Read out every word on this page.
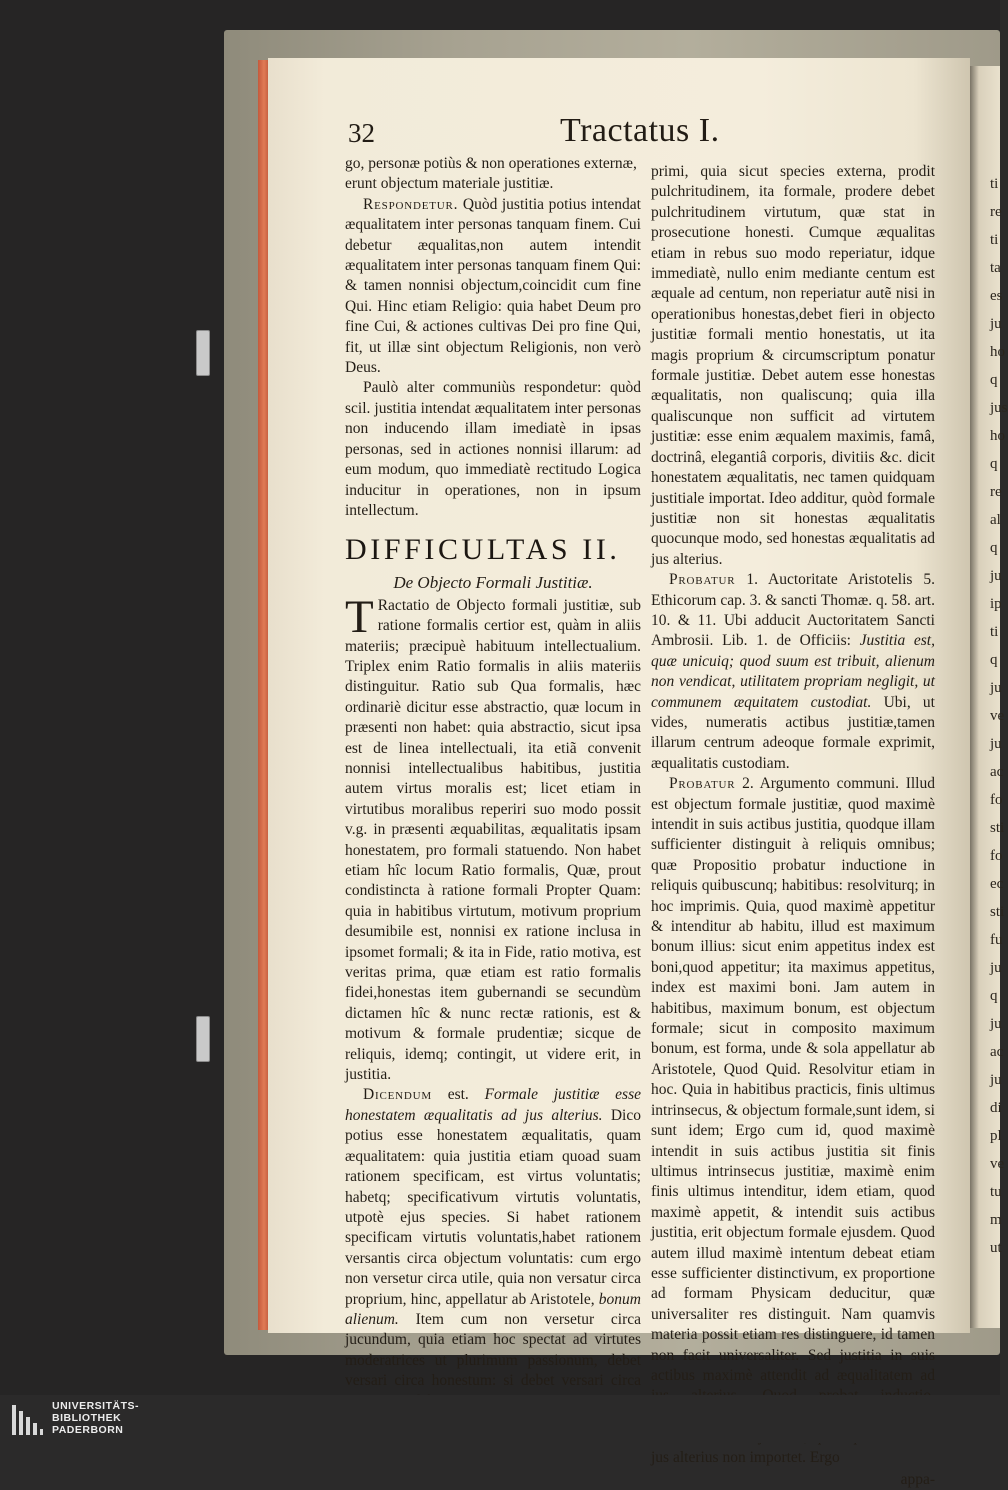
ti
re
ti
ta
es
ju
ho
q
jus
ho
q
re
al
q
ju
ip
ti
q
ju
ve
ju
ac
fo
sti
fo
ec
sti
fu
ju
q
ju
ac
ju
di
pl
ve
tu
m
ut
32	Tractatus I.

go, personæ potiùs & non operationes externæ,

erunt objectum materiale justitiæ.

Respondetur. Quòd justitia potius intendat æqualitatem inter personas tanquam finem. Cui debetur æqualitas,non autem intendit æqualitatem inter personas tanquam finem Qui: & tamen nonnisi objectum,coincidit cum fine Qui. Hinc etiam Religio: quia habet Deum pro fine Cui, & actiones cultivas Dei pro fine Qui, fit, ut illæ sint objectum Religionis, non verò Deus.

Paulò alter communiùs respondetur: quòd scil. justitia intendat æqualitatem inter personas non inducendo illam imediatè in ipsas personas, sed in actiones nonnisi illarum: ad eum modum, quo immediatè rectitudo Logica inducitur in operationes, non in ipsum intellectum.

DIFFICULTAS II.
De Objecto Formali Justitiæ.

T Ractatio de Objecto formali justitiæ, sub ratione formalis certior est, quàm in aliis materiis; præcipuè habituum intellectualium. Triplex enim Ratio formalis in aliis materiis distinguitur. Ratio sub Qua formalis, hæc ordinariè dicitur esse abstractio, quæ locum in præsenti non habet: quia abstractio, sicut ipsa est de linea intellectuali, ita etiã convenit nonnisi intellectualibus habitibus, justitia autem virtus moralis est; licet etiam in virtutibus moralibus reperiri suo modo possit v.g. in præsenti æquabilitas, æqualitatis ipsam honestatem, pro formali statuendo. Non habet etiam hîc locum Ratio formalis, Quæ, prout condistincta à ratione formali Propter Quam: quia in habitibus virtutum, motivum proprium desumibile est, nonnisi ex ratione inclusa in ipsomet formali; & ita in Fide, ratio motiva, est veritas prima, quæ etiam est ratio formalis fidei,honestas item gubernandi se secundùm dictamen hîc & nunc rectæ rationis, est & motivum & formale prudentiæ; sicque de reliquis, idemq; contingit, ut videre erit, in justitia.

Dicendum est. Formale justitiæ esse honestatem æqualitatis ad jus alterius. Dico potius esse honestatem æqualitatis, quam æqualitatem: quia justitia etiam quoad suam rationem specificam, est virtus voluntatis; habetq; specificativum virtutis voluntatis, utpotè ejus species. Si habet rationem specificam virtutis voluntatis,habet rationem versantis circa objectum voluntatis: cum ergo non versetur circa utile, quia non versatur circa proprium, hinc, appellatur ab Aristotele, bonum alienum. Item cum non versetur circa jucundum, quia etiam hoc spectat ad virtutes moderatrices ut plurimum passionum, debet versari circa honestum: si debet versari circa

primi, quia sicut species externa, prodit pulchritudinem, ita formale, prodere debet pulchritudinem virtutum, quæ stat in prosecutione honesti. Cumque æqualitas etiam in rebus suo modo reperiatur, idque immediatè, nullo enim mediante centum est æquale ad centum, non reperiatur autẽ nisi in operationibus honestas,debet fieri in objecto justitiæ formali mentio honestatis, ut ita magis proprium & circumscriptum ponatur formale justitiæ. Debet autem esse honestas æqualitatis, non qualiscunq; quia illa qualiscunque non sufficit ad virtutem justitiæ: esse enim æqualem maximis, famâ, doctrinâ, elegantiâ corporis, divitiis &c. dicit honestatem æqualitatis, nec tamen quidquam justitiale importat. Ideo additur, quòd formale justitiæ non sit honestas æqualitatis quocunque modo, sed honestas æqualitatis ad jus alterius.

Probatur 1. Auctoritate Aristotelis 5. Ethicorum cap. 3. & sancti Thomæ. q. 58. art. 10. & 11. Ubi adducit Auctoritatem Sancti Ambrosii. Lib. 1. de Officiis: Justitia est, quæ unicuiq; quod suum est tribuit, alienum non vendicat, utilitatem propriam negligit, ut communem æquitatem custodiat. Ubi, ut vides, numeratis actibus justitiæ,tamen illarum centrum adeoque formale exprimit, æqualitatis custodiam.

Probatur 2. Argumento communi. Illud est objectum formale justitiæ, quod maximè intendit in suis actibus justitia, quodque illam sufficienter distinguit à reliquis omnibus; quæ Propositio probatur inductione in reliquis quibuscunq; habitibus: resolviturq; in hoc imprimis. Quia, quod maximè appetitur & intenditur ab habitu, illud est maximum bonum illius: sicut enim appetitus index est boni,quod appetitur; ita maximus appetitus, index est maximi boni. Jam autem in habitibus, maximum bonum, est objectum formale; sicut in composito maximum bonum, est forma, unde & sola appellatur ab Aristotele, Quod Quid. Resolvitur etiam in hoc. Quia in habitibus practicis, finis ultimus intrinsecus, & objectum formale,sunt idem, si sunt idem; Ergo cum id, quod maximè intendit in suis actibus justitia sit finis ultimus intrinsecus justitiæ, maximè enim finis ultimus intenditur, idem etiam, quod maximè appetit, & intendit suis actibus justitia, erit objectum formale ejusdem. Quod autem illud maximè intentum debeat etiam esse sufficienter distinctivum, ex proportione ad formam Physicam deducitur, quæ universaliter res distinguit. Nam quamvis materia possit etiam res distinguere, id tamen non facit universaliter. Sed justitia in suis actibus maximè attendit ad æqualitatem ad jus alterius non importet. Ergo

appa-

UNIVERSITÄTS-
BIBLIOTHEK
PADERBORN
